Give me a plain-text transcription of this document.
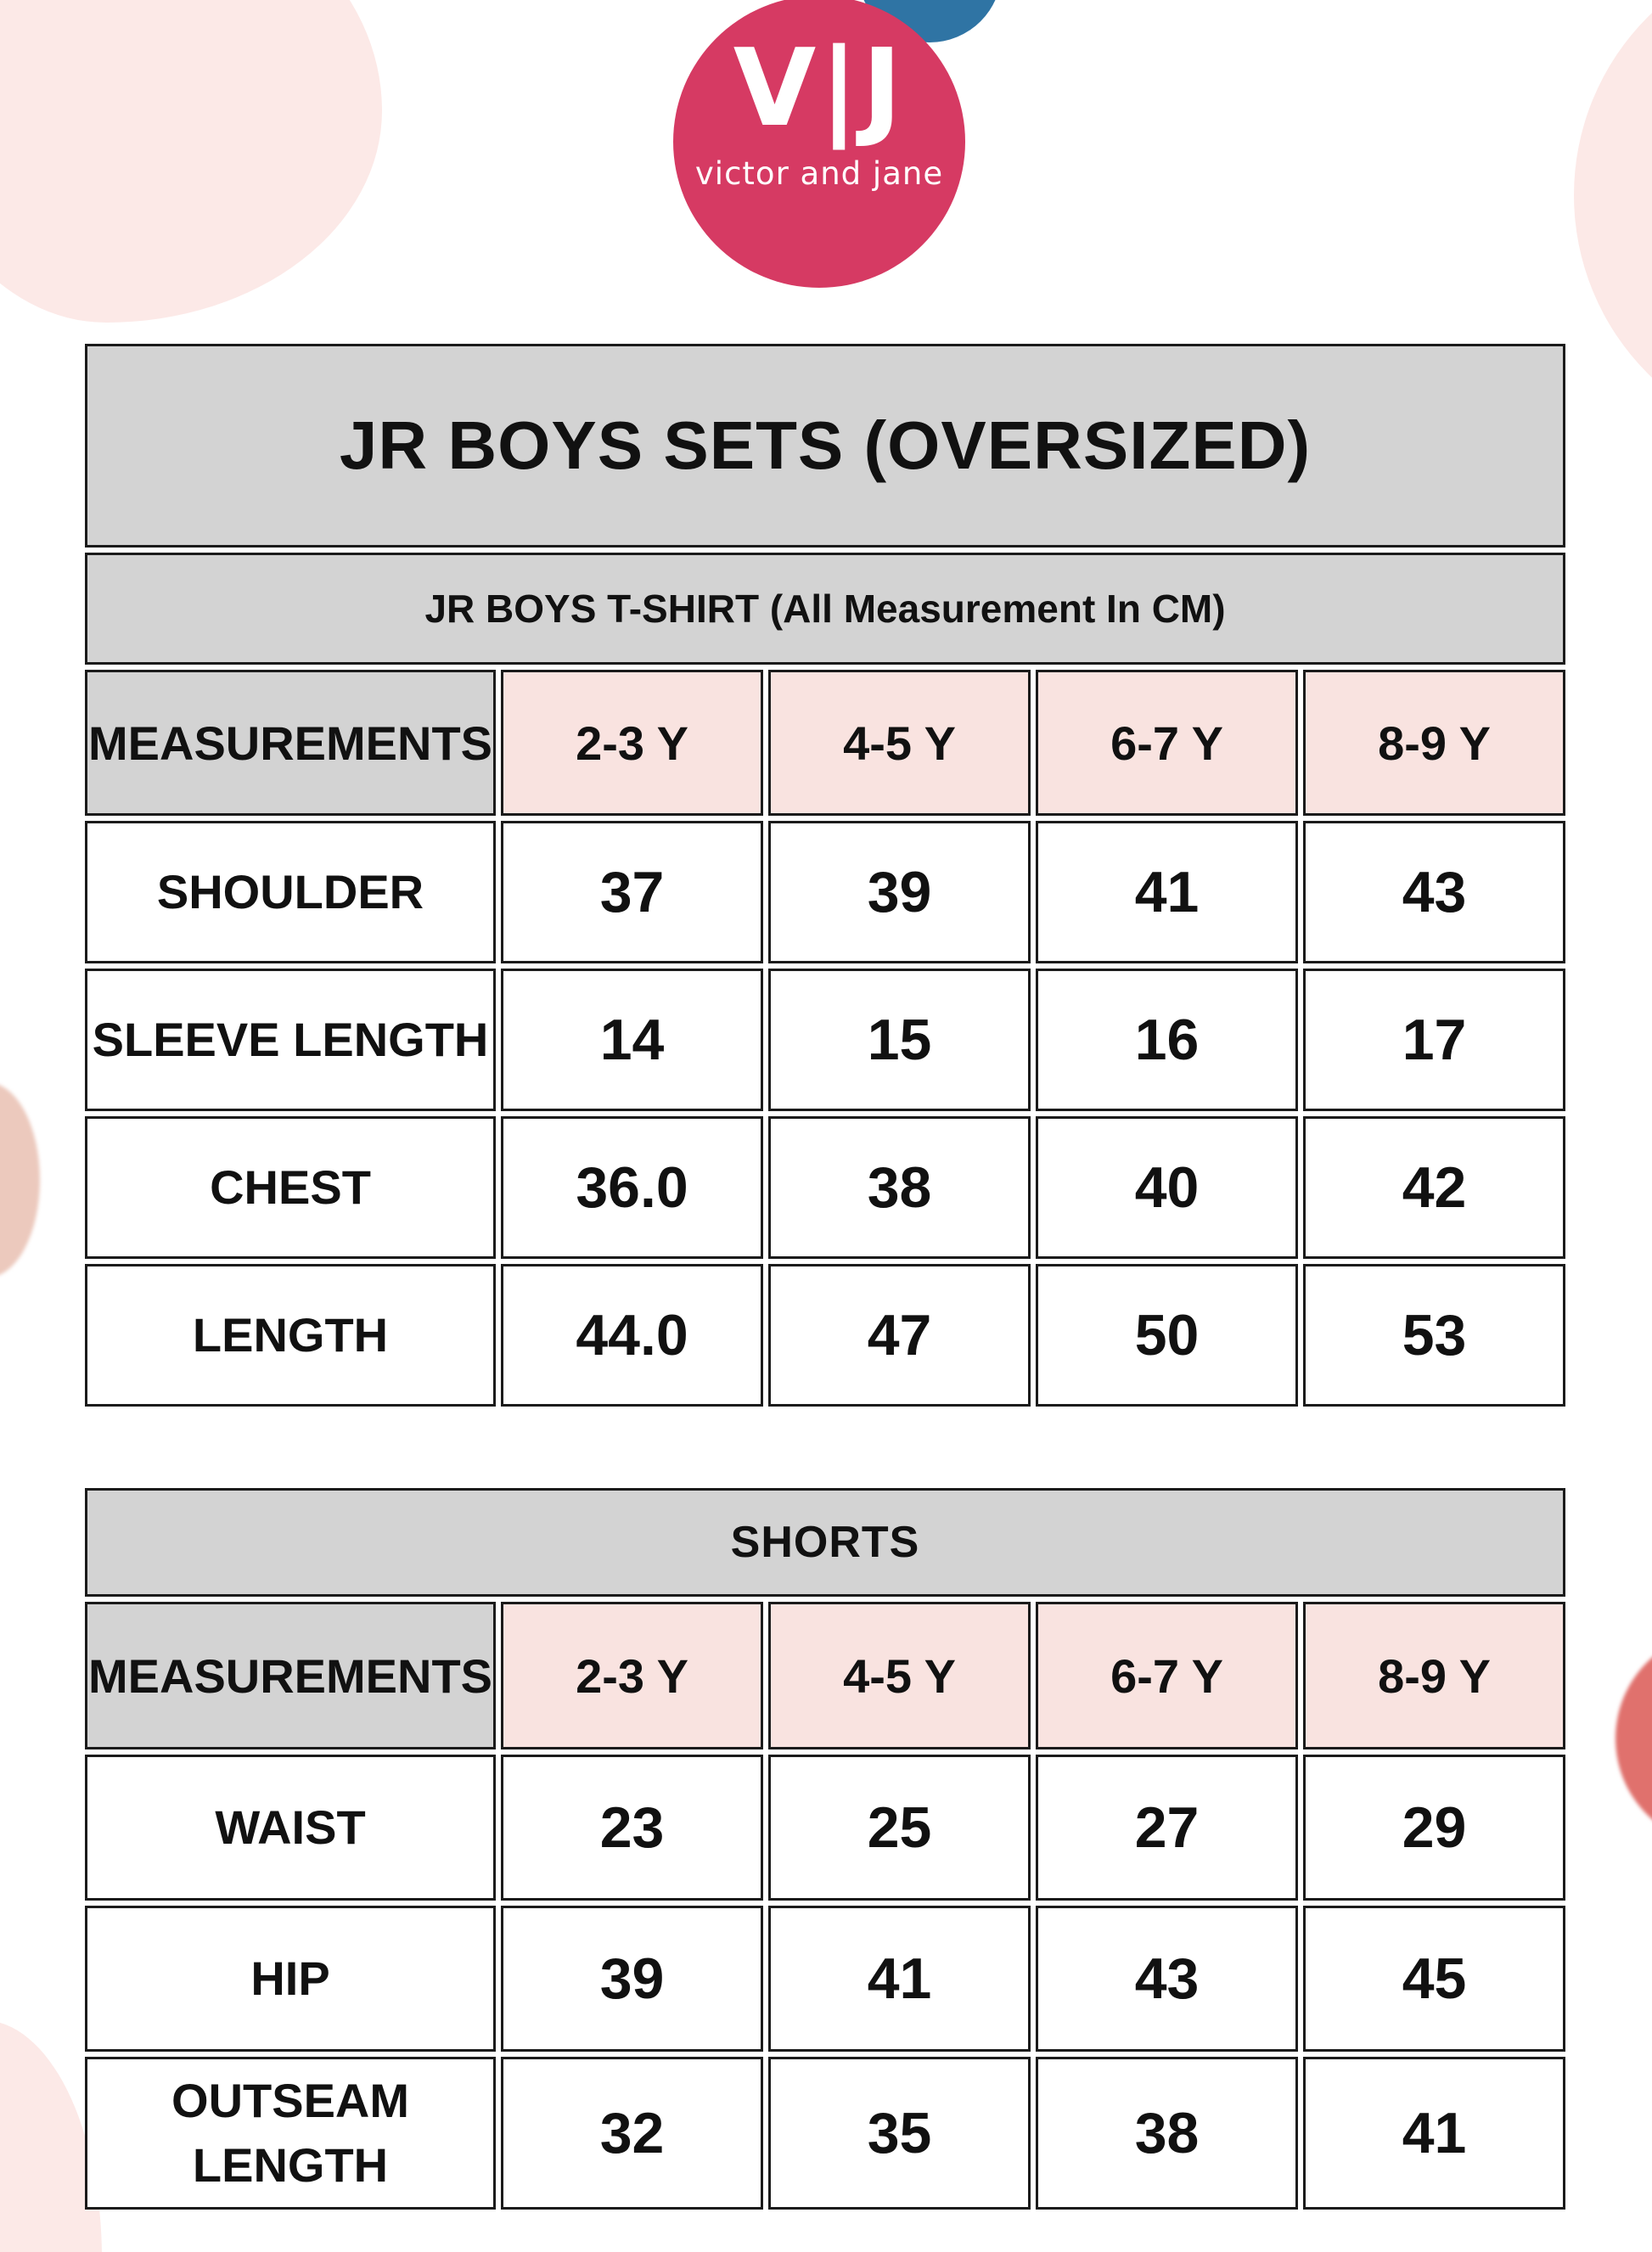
V|J
victor and jane
JR BOYS SETS (OVERSIZED)				
JR BOYS T-SHIRT (All Measurement In CM)				
MEASUREMENTS	2-3 Y	4-5 Y	6-7 Y	8-9 Y
SHOULDER	37	39	41	43
SLEEVE LENGTH	14	15	16	17
CHEST	36.0	38	40	42
LENGTH	44.0	47	50	53
SHORTS				
MEASUREMENTS	2-3 Y	4-5 Y	6-7 Y	8-9 Y
WAIST	23	25	27	29
HIP	39	41	43	45
OUTSEAM LENGTH	32	35	38	41
